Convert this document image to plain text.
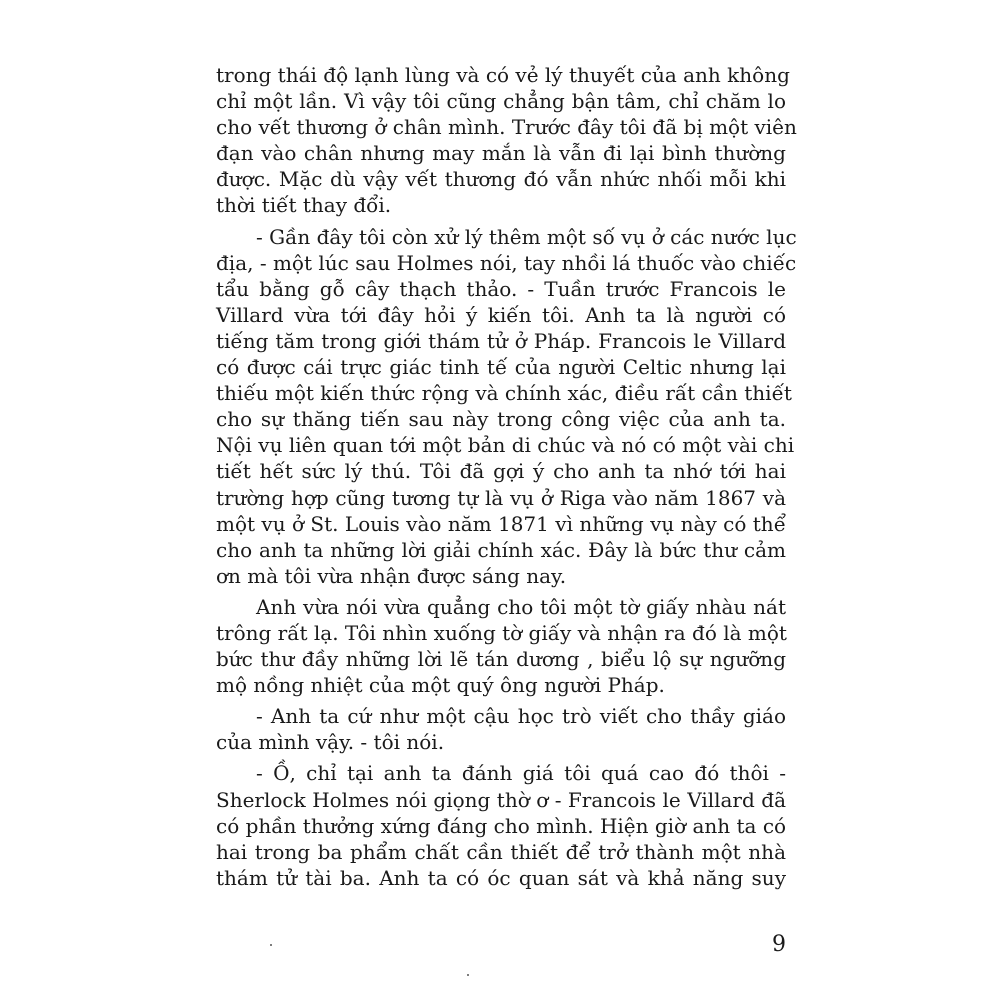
trong thái độ lạnh lùng và có vẻ lý thuyết của anh không
chỉ một lần. Vì vậy tôi cũng chẳng bận tâm, chỉ chăm lo
cho vết thương ở chân mình. Trước đây tôi đã bị một viên
đạn vào chân nhưng may mắn là vẫn đi lại bình thường
được. Mặc dù vậy vết thương đó vẫn nhức nhối mỗi khi
thời tiết thay đổi.
- Gần đây tôi còn xử lý thêm một số vụ ở các nước lục
địa, - một lúc sau Holmes nói, tay nhồi lá thuốc vào chiếc
tẩu bằng gỗ cây thạch thảo. - Tuần trước Francois le
Villard vừa tới đây hỏi ý kiến tôi. Anh ta là người có
tiếng tăm trong giới thám tử ở Pháp. Francois le Villard
có được cái trực giác tinh tế của người Celtic nhưng lại
thiếu một kiến thức rộng và chính xác, điều rất cần thiết
cho sự thăng tiến sau này trong công việc của anh ta.
Nội vụ liên quan tới một bản di chúc và nó có một vài chi
tiết hết sức lý thú. Tôi đã gợi ý cho anh ta nhớ tới hai
trường hợp cũng tương tự là vụ ở Riga vào năm 1867 và
một vụ ở St. Louis vào năm 1871 vì những vụ này có thể
cho anh ta những lời giải chính xác. Đây là bức thư cảm
ơn mà tôi vừa nhận được sáng nay.
Anh vừa nói vừa quẳng cho tôi một tờ giấy nhàu nát
trông rất lạ. Tôi nhìn xuống tờ giấy và nhận ra đó là một
bức thư đầy những lời lẽ tán dương , biểu lộ sự ngưỡng
mộ nồng nhiệt của một quý ông người Pháp.
- Anh ta cứ như một cậu học trò viết cho thầy giáo
của mình vậy. - tôi nói.
- Ồ, chỉ tại anh ta đánh giá tôi quá cao đó thôi -
Sherlock Holmes nói giọng thờ ơ - Francois le Villard đã
có phần thưởng xứng đáng cho mình. Hiện giờ anh ta có
hai trong ba phẩm chất cần thiết để trở thành một nhà
thám tử tài ba. Anh ta có óc quan sát và khả năng suy
9
